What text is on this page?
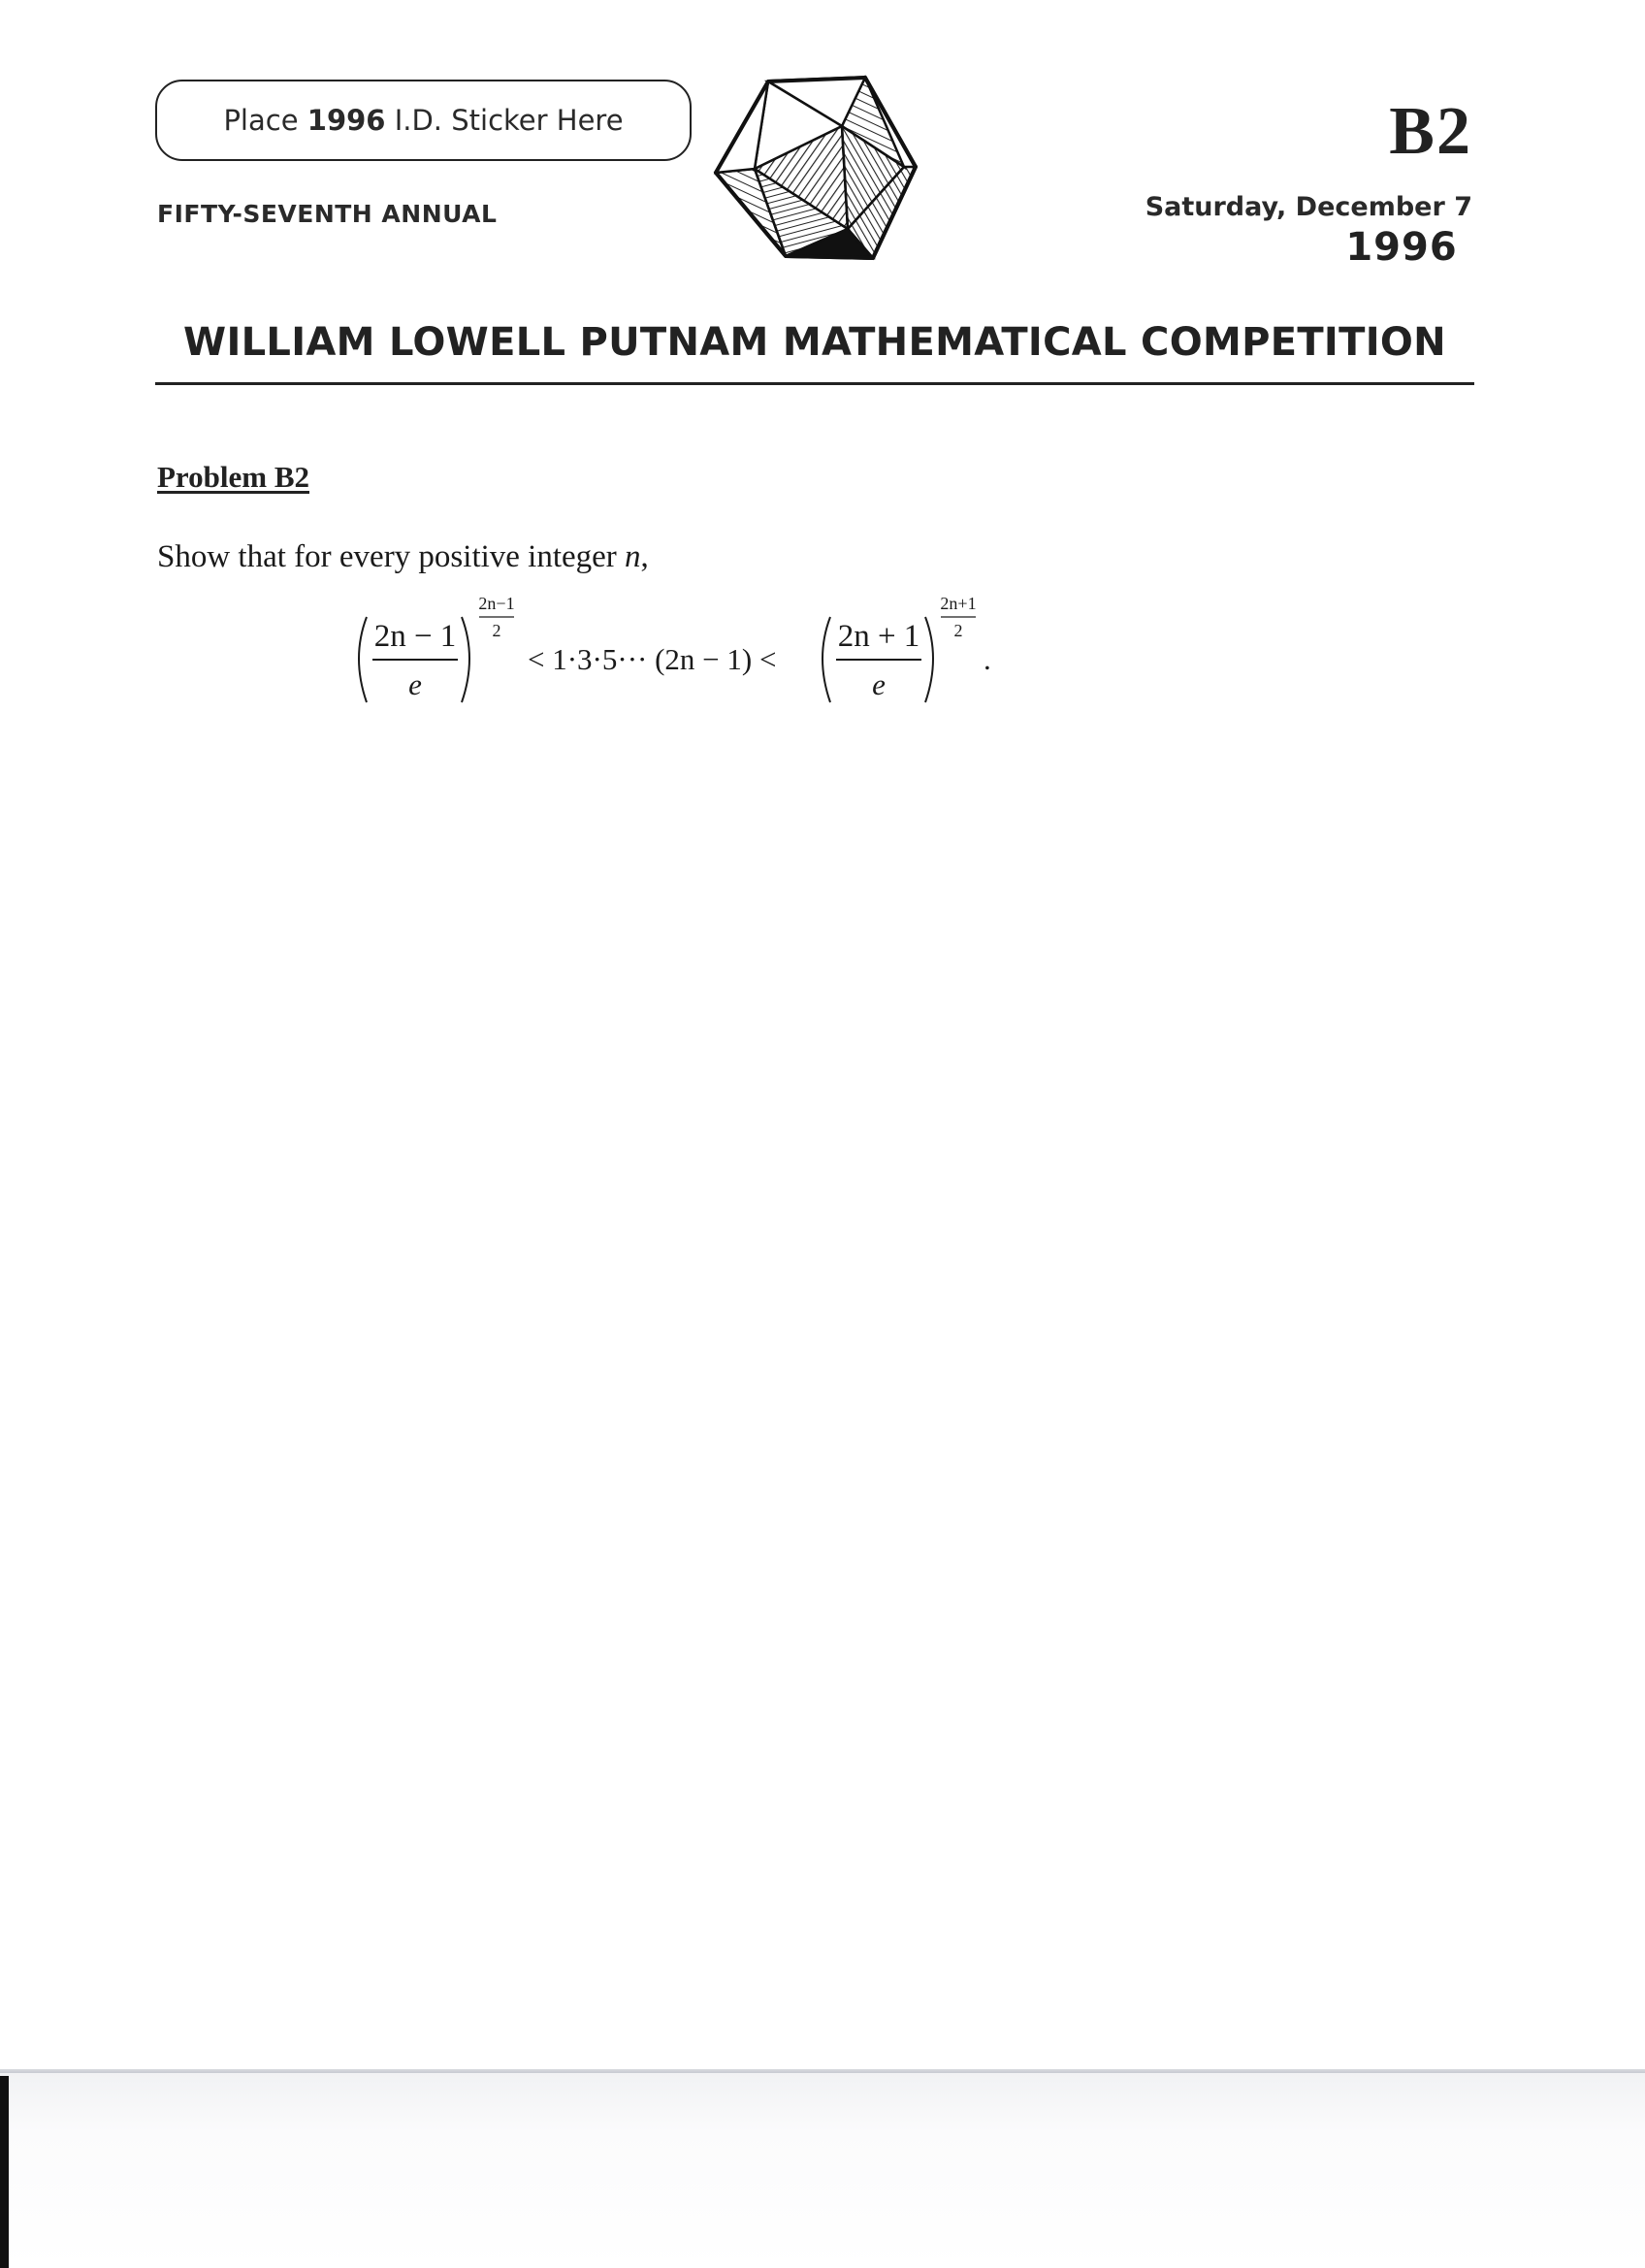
Place 1996 I.D. Sticker Here
FIFTY-SEVENTH ANNUAL
B2
Saturday, December 7
1996
WILLIAM LOWELL PUTNAM MATHEMATICAL COMPETITION
Problem B2
Show that for every positive integer n,
2n − 1
e
2n−1
2
< 1·3·5··· (2n − 1) <
2n + 1
e
2n+1
2
.
